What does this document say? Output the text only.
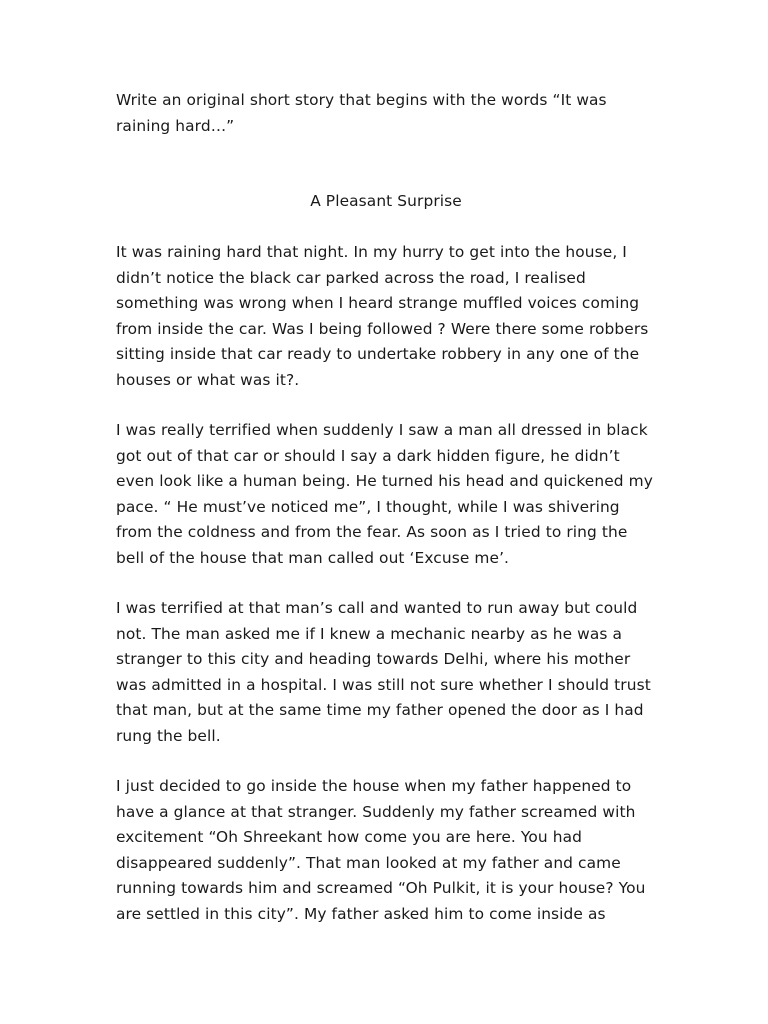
Write an original short story that begins with the words “It was raining hard…”

A Pleasant Surprise

It was raining hard that night. In my hurry to get into the house, I didn’t notice the black car parked across the road, I realised something was wrong when I heard strange muffled voices coming from inside the car. Was I being followed ? Were there some robbers sitting inside that car ready to undertake robbery in any one of the houses or what was it?.

I was really terrified when suddenly I saw a man all dressed in black got out of that car or should I say a dark hidden figure, he didn’t even look like a human being. He turned his head and quickened my pace. “ He must’ve noticed me”, I thought, while I was shivering from the coldness and from the fear. As soon as I tried to ring the bell of the house that man called out ‘Excuse me’.

I was terrified at that man’s call and wanted to run away but could not. The man asked me if I knew a mechanic nearby as he was a stranger to this city and heading towards Delhi, where his mother was admitted in a hospital. I was still not sure whether I should trust that man, but at the same time my father opened the door as I had rung the bell.

I just decided to go inside the house when my father happened to have a glance at that stranger. Suddenly my father screamed with excitement “Oh Shreekant how come you are here. You had disappeared suddenly”. That man looked at my father and came running towards him and screamed “Oh Pulkit, it is your house? You are settled in this city”. My father asked him to come inside as
